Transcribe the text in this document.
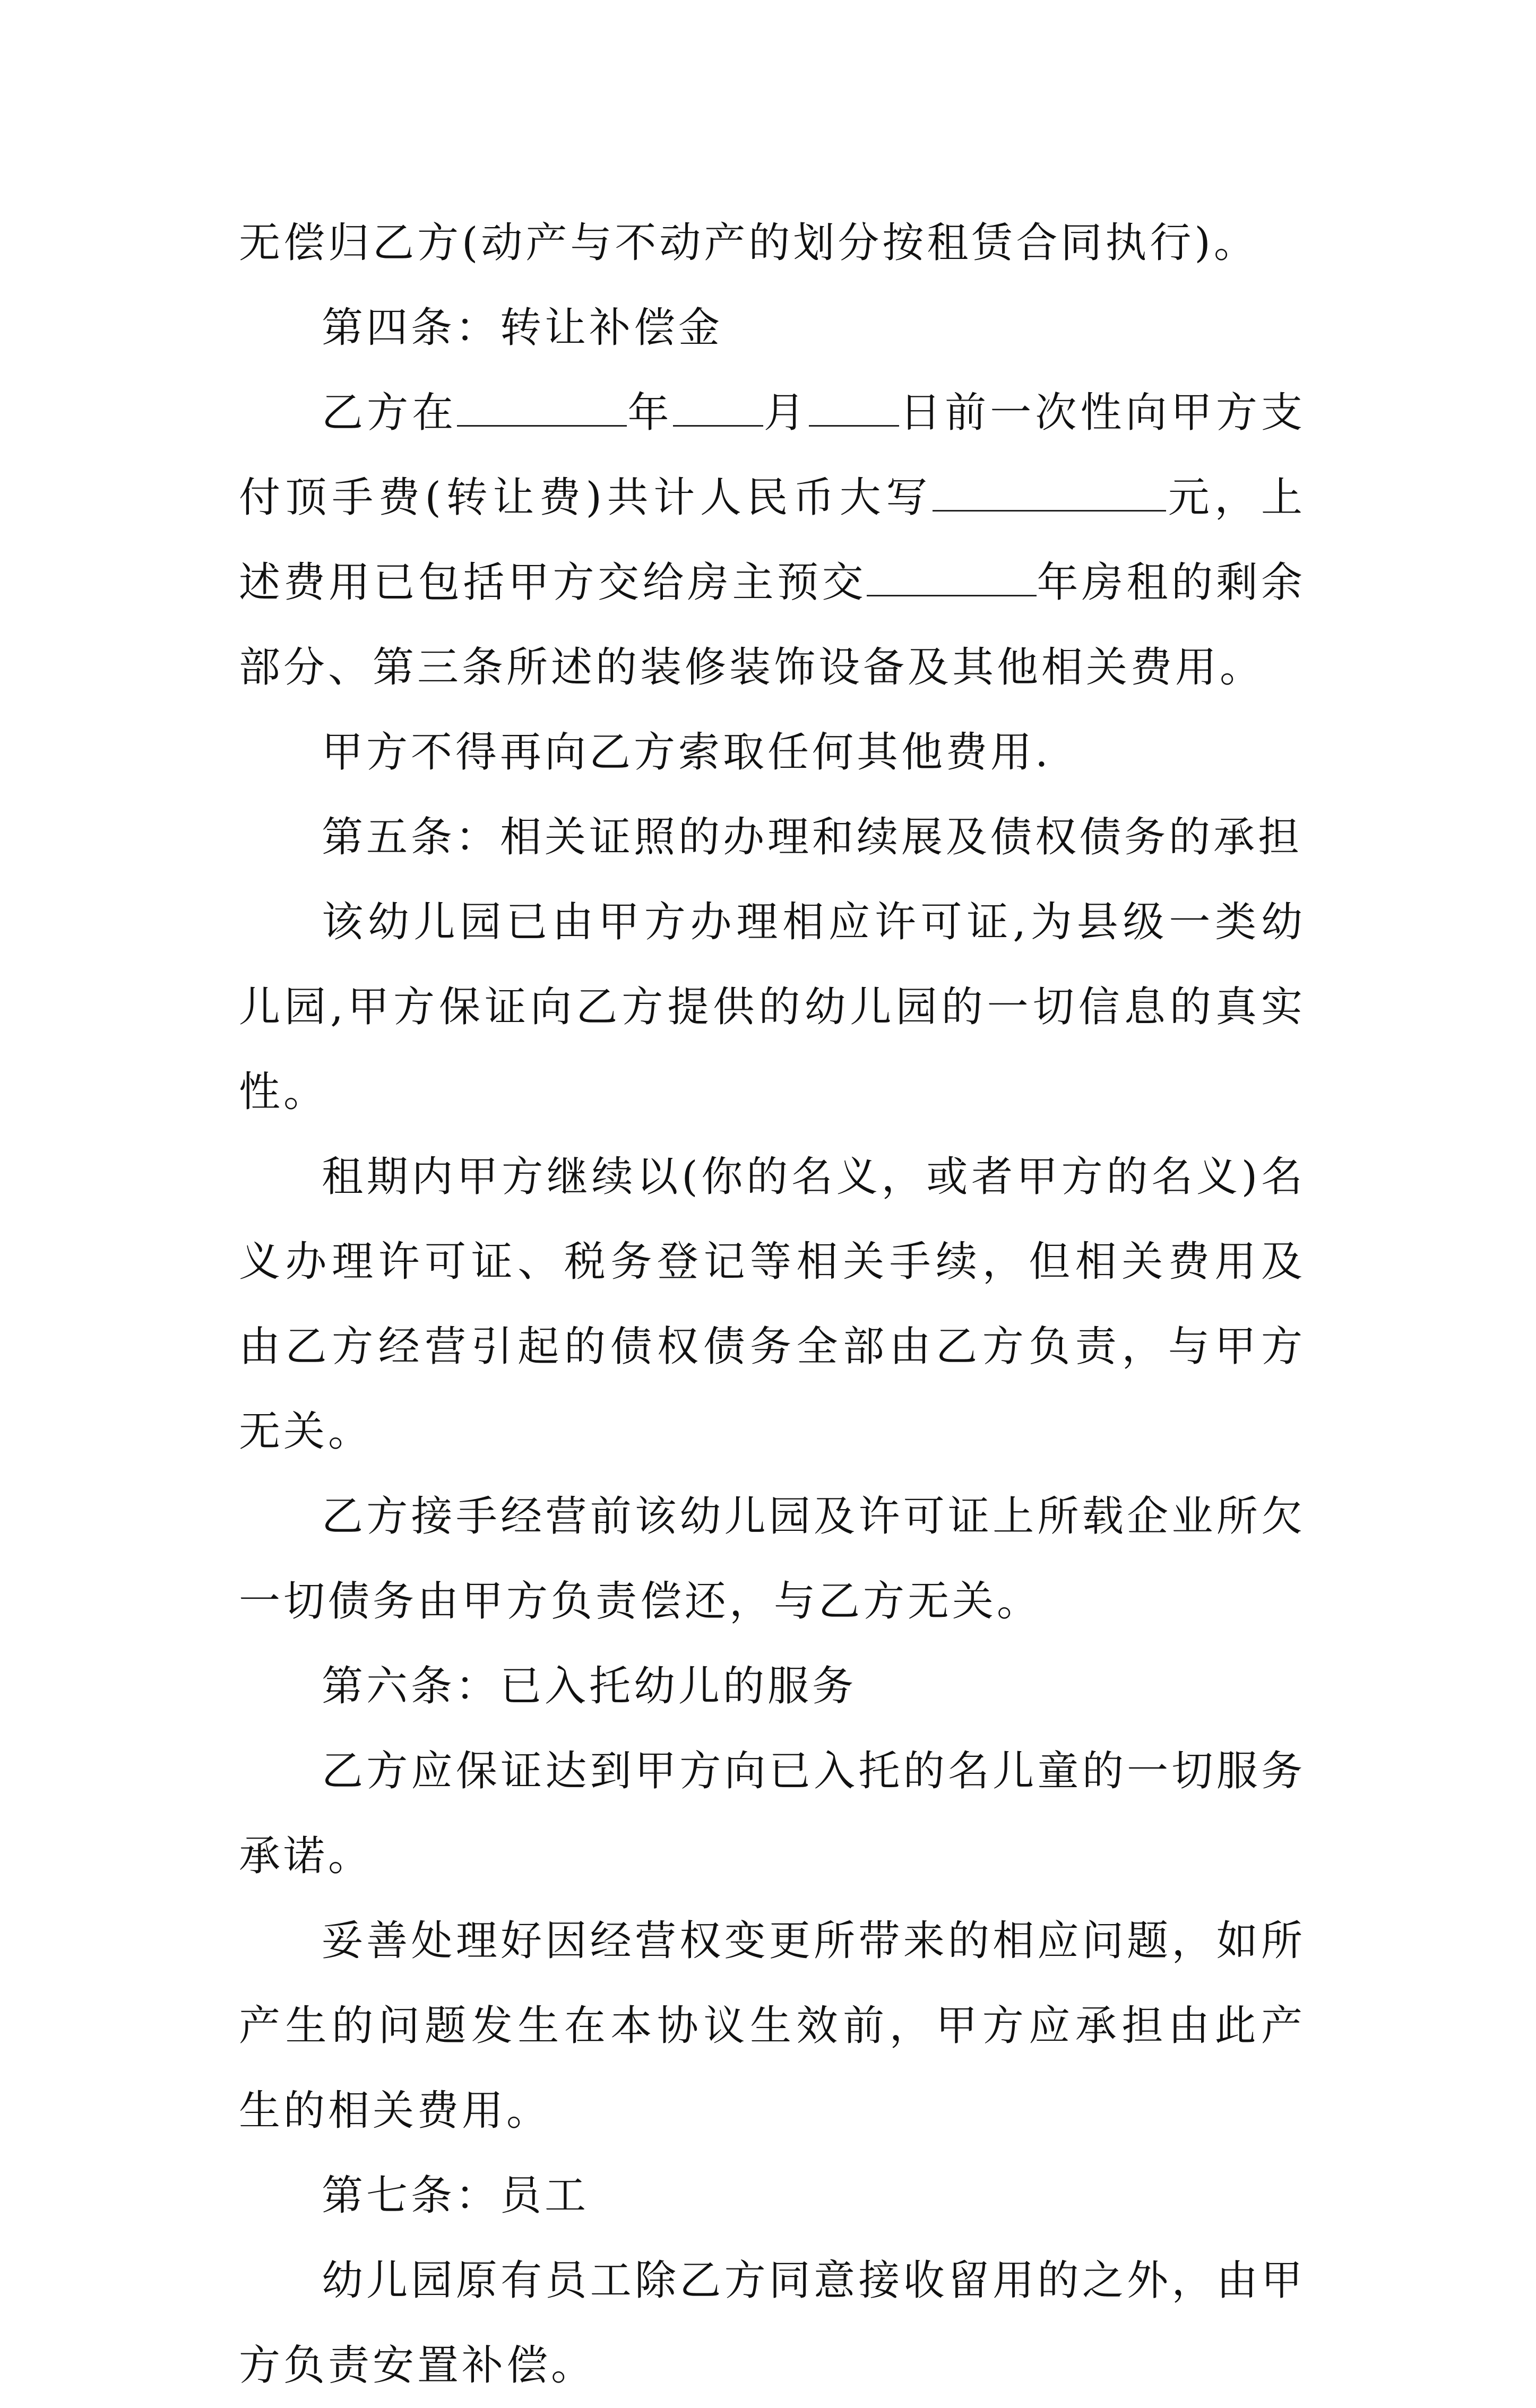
无偿归乙方(动产与不动产的划分按租赁合同执行)。

第四条：转让补偿金

乙方在	年 月 日前一次性向甲方支付顶手费(转让费)共计人民币大写	元，上述费用已包括甲方交给房主预交	年房租的剩余部分、第三条所述的装修装饰设备及其他相关费用。

甲方不得再向乙方索取任何其他费用.

第五条：相关证照的办理和续展及债权债务的承担

该幼儿园已由甲方办理相应许可证,为县级一类幼儿园,甲方保证向乙方提供的幼儿园的一切信息的真实性。

租期内甲方继续以(你的名义，或者甲方的名义)名义办理许可证、税务登记等相关手续，但相关费用及由乙方经营引起的债权债务全部由乙方负责，与甲方无关。

乙方接手经营前该幼儿园及许可证上所载企业所欠一切债务由甲方负责偿还，与乙方无关。

第六条：已入托幼儿的服务

乙方应保证达到甲方向已入托的名儿童的一切服务承诺。

妥善处理好因经营权变更所带来的相应问题，如所产生的问题发生在本协议生效前，甲方应承担由此产生的相关费用。

第七条：员工

幼儿园原有员工除乙方同意接收留用的之外，由甲方负责安置补偿。
